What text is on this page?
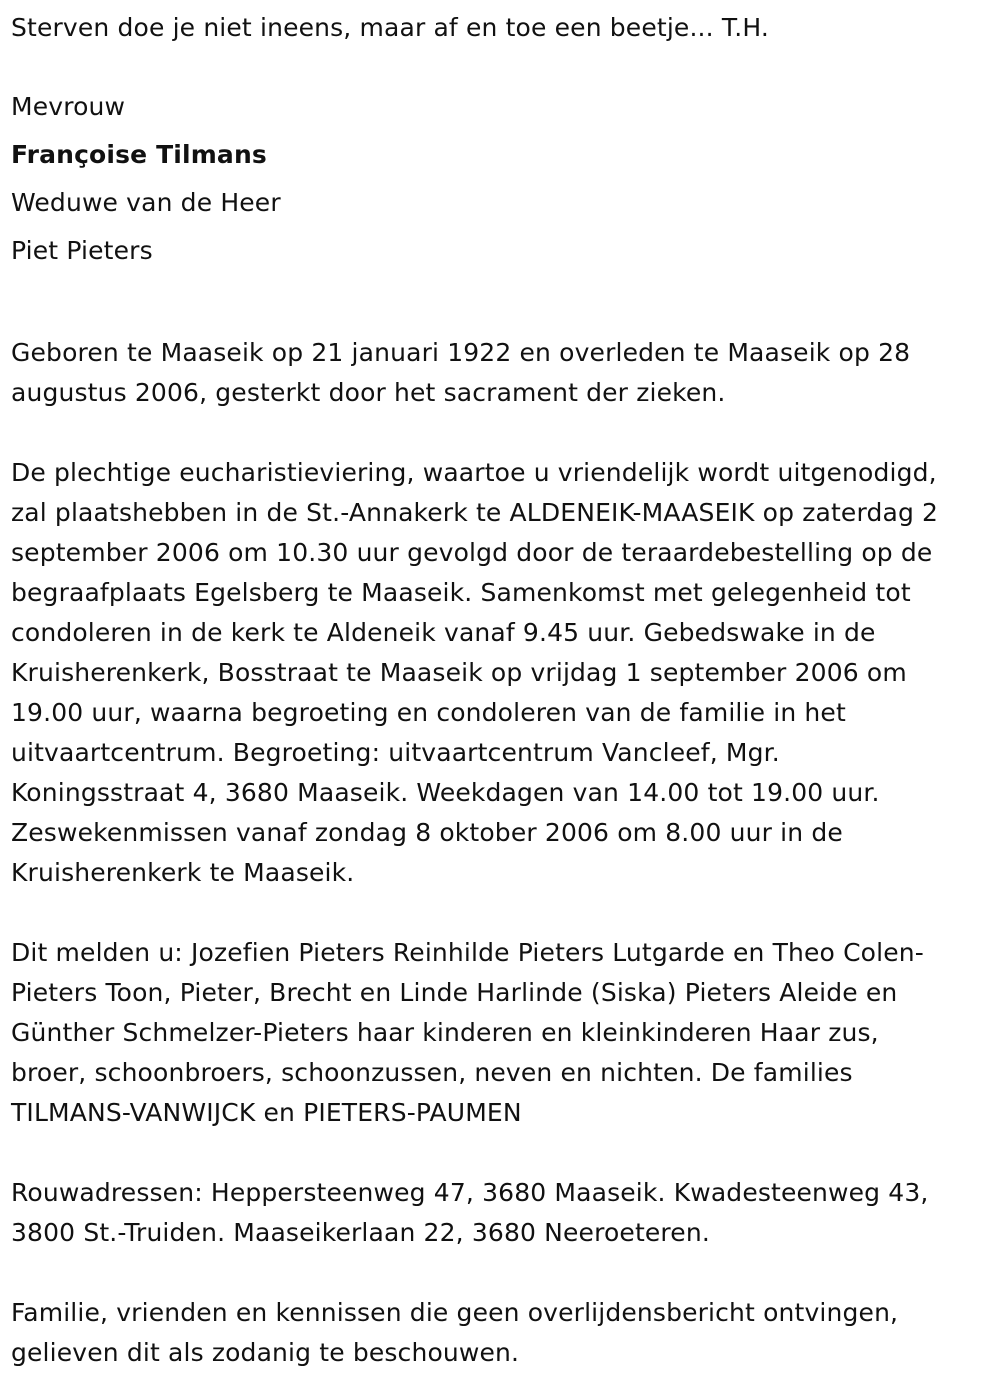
Sterven doe je niet ineens, maar af en toe een beetje... T.H.
Mevrouw
Françoise Tilmans
Weduwe van de Heer
Piet Pieters

Geboren te Maaseik op 21 januari 1922 en overleden te Maaseik op 28
augustus 2006, gesterkt door het sacrament der zieken.

De plechtige eucharistieviering, waartoe u vriendelijk wordt uitgenodigd,
zal plaatshebben in de St.-Annakerk te ALDENEIK-MAASEIK op zaterdag 2
september 2006 om 10.30 uur gevolgd door de teraardebestelling op de
begraafplaats Egelsberg te Maaseik. Samenkomst met gelegenheid tot
condoleren in de kerk te Aldeneik vanaf 9.45 uur. Gebedswake in de
Kruisherenkerk, Bosstraat te Maaseik op vrijdag 1 september 2006 om
19.00 uur, waarna begroeting en condoleren van de familie in het
uitvaartcentrum. Begroeting: uitvaartcentrum Vancleef, Mgr.
Koningsstraat 4, 3680 Maaseik. Weekdagen van 14.00 tot 19.00 uur.
Zeswekenmissen vanaf zondag 8 oktober 2006 om 8.00 uur in de
Kruisherenkerk te Maaseik.

Dit melden u: Jozefien Pieters Reinhilde Pieters Lutgarde en Theo Colen-
Pieters Toon, Pieter, Brecht en Linde Harlinde (Siska) Pieters Aleide en
Günther Schmelzer-Pieters haar kinderen en kleinkinderen Haar zus,
broer, schoonbroers, schoonzussen, neven en nichten. De families
TILMANS-VANWIJCK en PIETERS-PAUMEN

Rouwadressen: Heppersteenweg 47, 3680 Maaseik. Kwadesteenweg 43,
3800 St.-Truiden. Maaseikerlaan 22, 3680 Neeroeteren.

Familie, vrienden en kennissen die geen overlijdensbericht ontvingen,
gelieven dit als zodanig te beschouwen.
